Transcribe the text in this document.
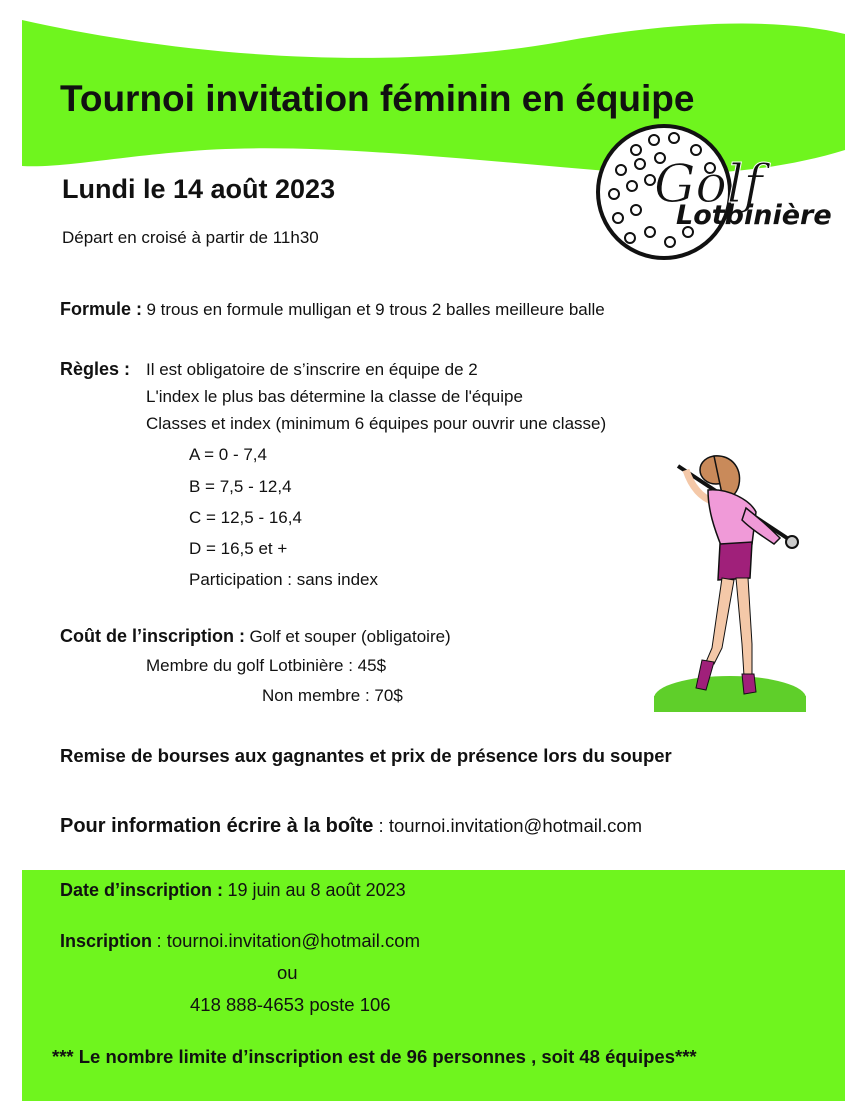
Tournoi invitation féminin en équipe
Lundi le 14 août 2023
Départ en croisé à partir de 11h30
Golf
Lotbinière
Formule : 9 trous en formule mulligan et 9 trous 2 balles meilleure balle
Règles : Il est obligatoire de s’inscrire en équipe de 2
L'index le plus bas détermine la classe de l'équipe
Classes et index (minimum 6 équipes pour ouvrir une classe)
A = 0 - 7,4
B = 7,5 - 12,4
C = 12,5 - 16,4
D = 16,5 et +
Participation : sans index
Coût de l’inscription : Golf et souper (obligatoire)
Membre du golf Lotbinière : 45$
Non membre : 70$
Remise de bourses aux gagnantes et prix de présence lors du souper
Pour information écrire à la boîte : tournoi.invitation@hotmail.com
Date d’inscription : 19 juin au 8 août 2023
Inscription : tournoi.invitation@hotmail.com
ou
418 888-4653 poste 106
*** Le nombre limite d’inscription est de 96 personnes , soit 48 équipes***
